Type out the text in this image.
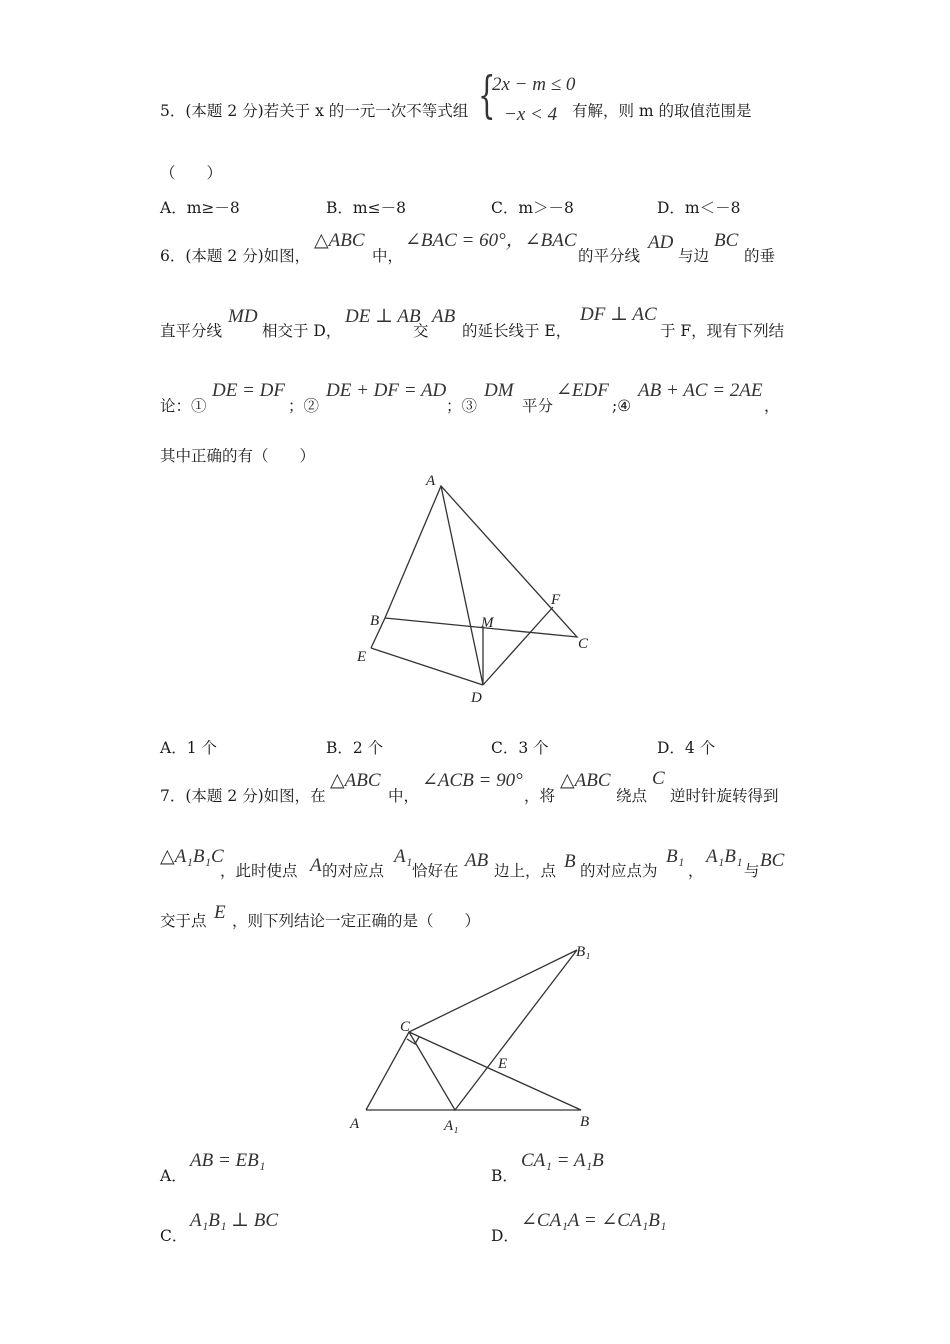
5．(本题 2 分)若关于 x 的一元一次不等式组 {
2x − m ≤ 0
−x < 4 有解，则 m 的取值范围是
（　　）
A．m≥－8	B．m≤－8	C．m＞－8	D．m＜－8
6．(本题 2 分)如图，
△ABC
中，
∠BAC = 60°，∠BAC
的平分线
AD
与边
BC
的垂
直平分线
MD
相交于 D，
DE ⊥ AB
交
AB
的延长线于 E，
DF ⊥ AC
于 F，现有下列结
论：①
DE = DF
；②
DE + DF = AD
；③
DM
平分
∠EDF
;④
AB + AC = 2AE
，
其中正确的有（　　）
A
B
C
D
E
F
M
A．1 个	B．2 个	C．3 个	D．4 个
7．(本题 2 分)如图，在
△ABC
中，
∠ACB = 90°
，将
△ABC
绕点
C
逆时针旋转得到
△A₁B₁C
，此时使点 A 的对应点
A₁
恰好在 AB 边上，点 B 的对应点为
B₁
，
A₁B₁
与 BC
交于点 E ，则下列结论一定正确的是（　　）
A	A₁	B
B₁
C
E
A．
AB = EB₁
B．
CA₁ = A₁B
C．
A₁B₁ ⊥ BC
D．
∠CA₁A = ∠CA₁B₁
